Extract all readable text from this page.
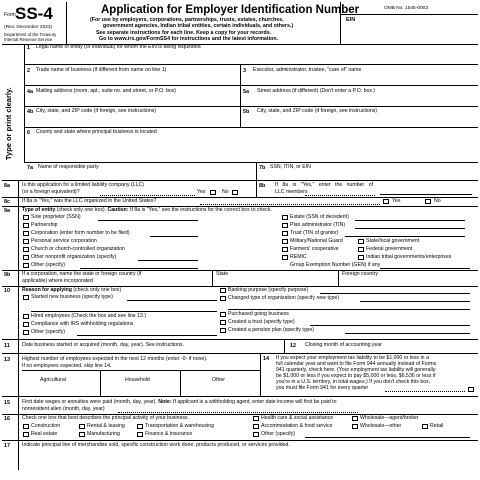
Form SS-4
(Rev. December 2023)
Department of the Treasury
Internal Revenue Service
Application for Employer Identification Number
(For use by employers, corporations, partnerships, trusts, estates, churches,
government agencies, Indian tribal entities, certain individuals, and others.)
See separate instructions for each line. Keep a copy for your records.
Go to www.irs.gov/FormSS4 for instructions and the latest information.
OMB No. 1545-0003
EIN
Type or print clearly.
1 Legal name of entity (or individual) for whom the EIN is being requested
2 Trade name of business (if different from name on line 1)	3 Executor, administrator, trustee, "care of" name
4a Mailing address (room, apt., suite no. and street, or P.O. box)	5a Street address (if different) (Don't enter a P.O. box.)
4b City, state, and ZIP code (if foreign, see instructions)	5b City, state, and ZIP code (if foreign, see instructions)
6 County and state where principal business is located
7a Name of responsible party	7b SSN, ITIN, or EIN
8a Is this application for a limited liability company (LLC)
(or a foreign equivalent)?	Yes	No
8b If 8a is "Yes," enter the number of
LLC members
8c If 8a is "Yes," was the LLC organized in the United States?	Yes	No
9a Type of entity (check only one box). Caution: If 8a is "Yes," see the instructions for the correct box to check.
Sole proprietor (SSN)
Partnership
Corporation (enter form number to be filed)
Personal service corporation
Church or church-controlled organization
Other nonprofit organization (specify)
Other (specify)
Estate (SSN of decedent)
Plan administrator (TIN)
Trust (TIN of grantor)
Military/National Guard
Farmers' cooperative
REMIC
State/local government
Federal government
Indian tribal governments/enterprises
Group Exemption Number (GEN) if any
9b If a corporation, name the state or foreign country (if
applicable) where incorporated
State	Foreign country
10 Reason for applying (check only one box)
Started new business (specify type)
Hired employees (Check the box and see line 13.)
Compliance with IRS withholding regulations
Other (specify)
Banking purpose (specify purpose)
Changed type of organization (specify new type)
Purchased going business
Created a trust (specify type)
Created a pension plan (specify type)
11 Date business started or acquired (month, day, year). See instructions.	12 Closing month of accounting year
13 Highest number of employees expected in the next 12 months (enter -0- if none).
If no employees expected, skip line 14.
Agricultural	Household	Other
14 If you expect your employment tax liability to be $1,000 or less in a
full calendar year and want to file Form 944 annually instead of Forms
941 quarterly, check here. (Your employment tax liability will generally
be $1,000 or less if you expect to pay $5,000 or less, $6,536 or less if
you're in a U.S. territory, in total wages.) If you don't check this box,
you must file Form 941 for every quarter
15 First date wages or annuities were paid (month, day, year). Note: If applicant is a withholding agent, enter date income will first be paid to
nonresident alien (month, day, year)
16 Check one box that best describes the principal activity of your business.	Health care & social assistance	Wholesale—agent/broker
Construction	Rental & leasing	Transportation & warehousing	Accommodation & food service	Wholesale—other	Retail
Real estate	Manufacturing	Finance & insurance	Other (specify)
17 Indicate principal line of merchandise sold, specific construction work done, products produced, or services provided.
